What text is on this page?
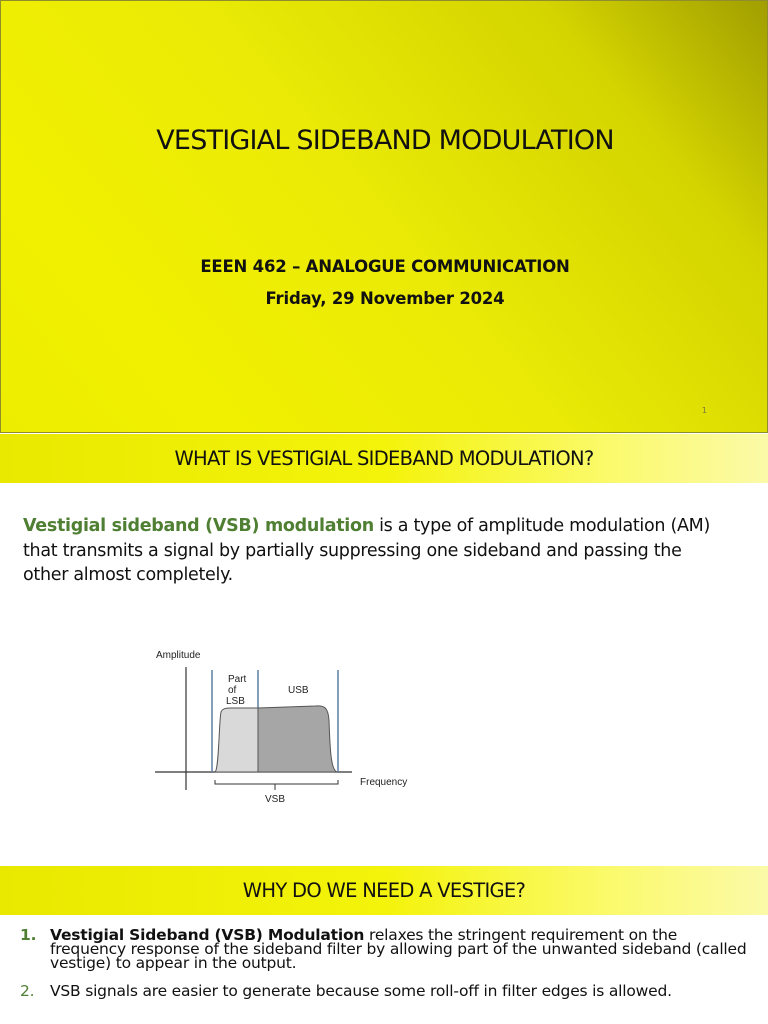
VESTIGIAL SIDEBAND MODULATION
EEEN 462 – ANALOGUE COMMUNICATION
Friday, 29 November 2024
1
WHAT IS VESTIGIAL SIDEBAND MODULATION?
Vestigial sideband (VSB) modulation is a type of amplitude modulation (AM) that transmits a signal by partially suppressing one sideband and passing the other almost completely.
Amplitude
Part
of
LSB
USB
VSB
Frequency
WHY DO WE NEED A VESTIGE?
1. Vestigial Sideband (VSB) Modulation relaxes the stringent requirement on the frequency response of the sideband filter by allowing part of the unwanted sideband (called vestige) to appear in the output.
2. VSB signals are easier to generate because some roll-off in filter edges is allowed.
